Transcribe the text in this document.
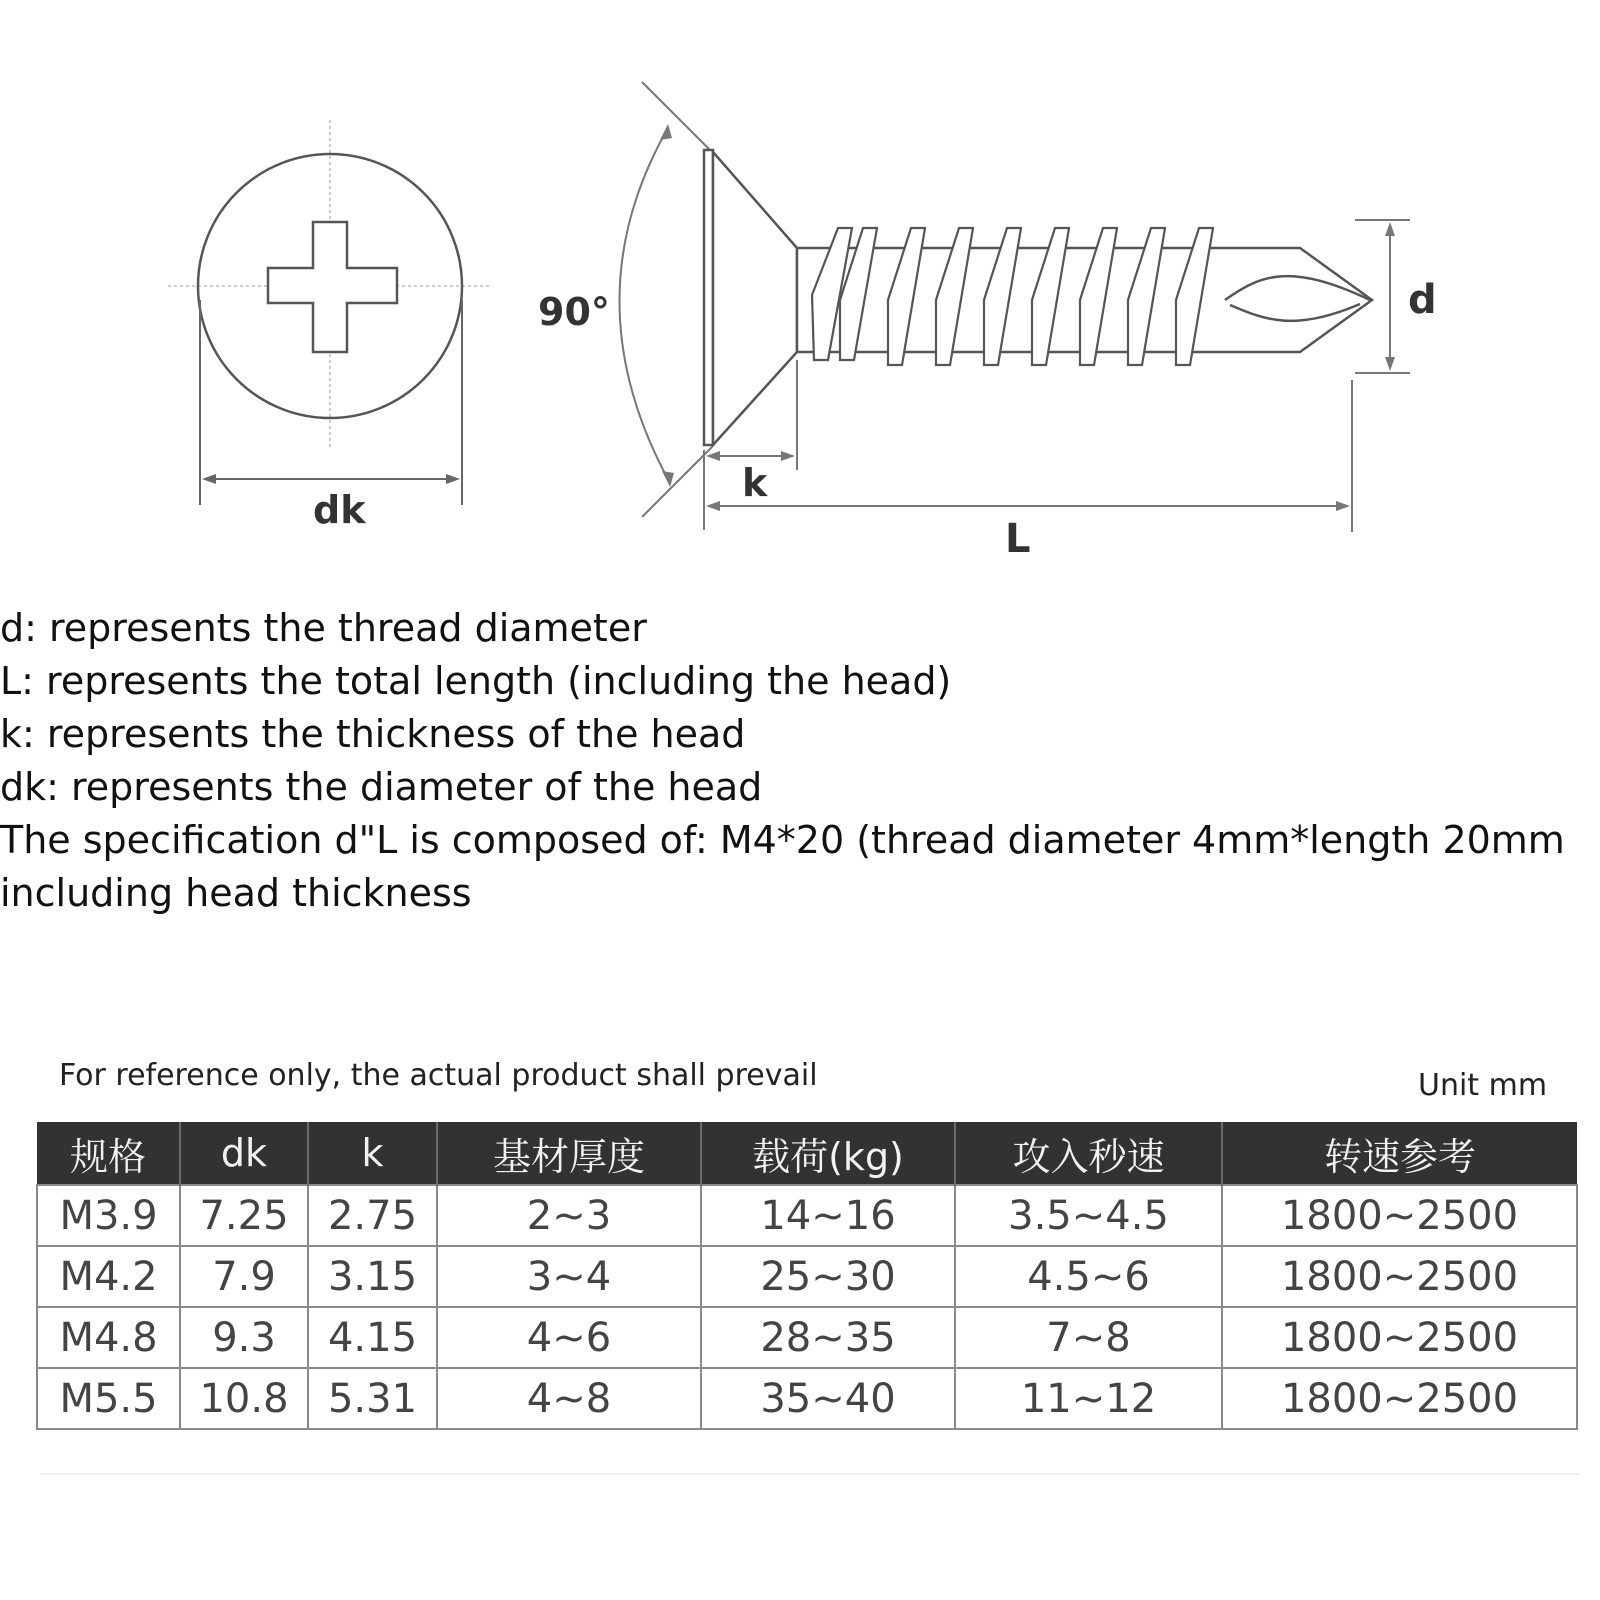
dk
90°	d
k
L
d: represents the thread diameter
L: represents the total length (including the head)
k: represents the thickness of the head
dk: represents the diameter of the head
The specification d"L is composed of: M4*20 (thread diameter 4mm*length 20mm
including head thickness
For reference only, the actual product shall prevail	Unit mm
规格	dk	k	基材厚度	载荷(kg)	攻入秒速	转速参考
M3.9	7.25	2.75	2~3	14~16	3.5~4.5	1800~2500
M4.2	7.9	3.15	3~4	25~30	4.5~6	1800~2500
M4.8	9.3	4.15	4~6	28~35	7~8	1800~2500
M5.5	10.8	5.31	4~8	35~40	11~12	1800~2500
